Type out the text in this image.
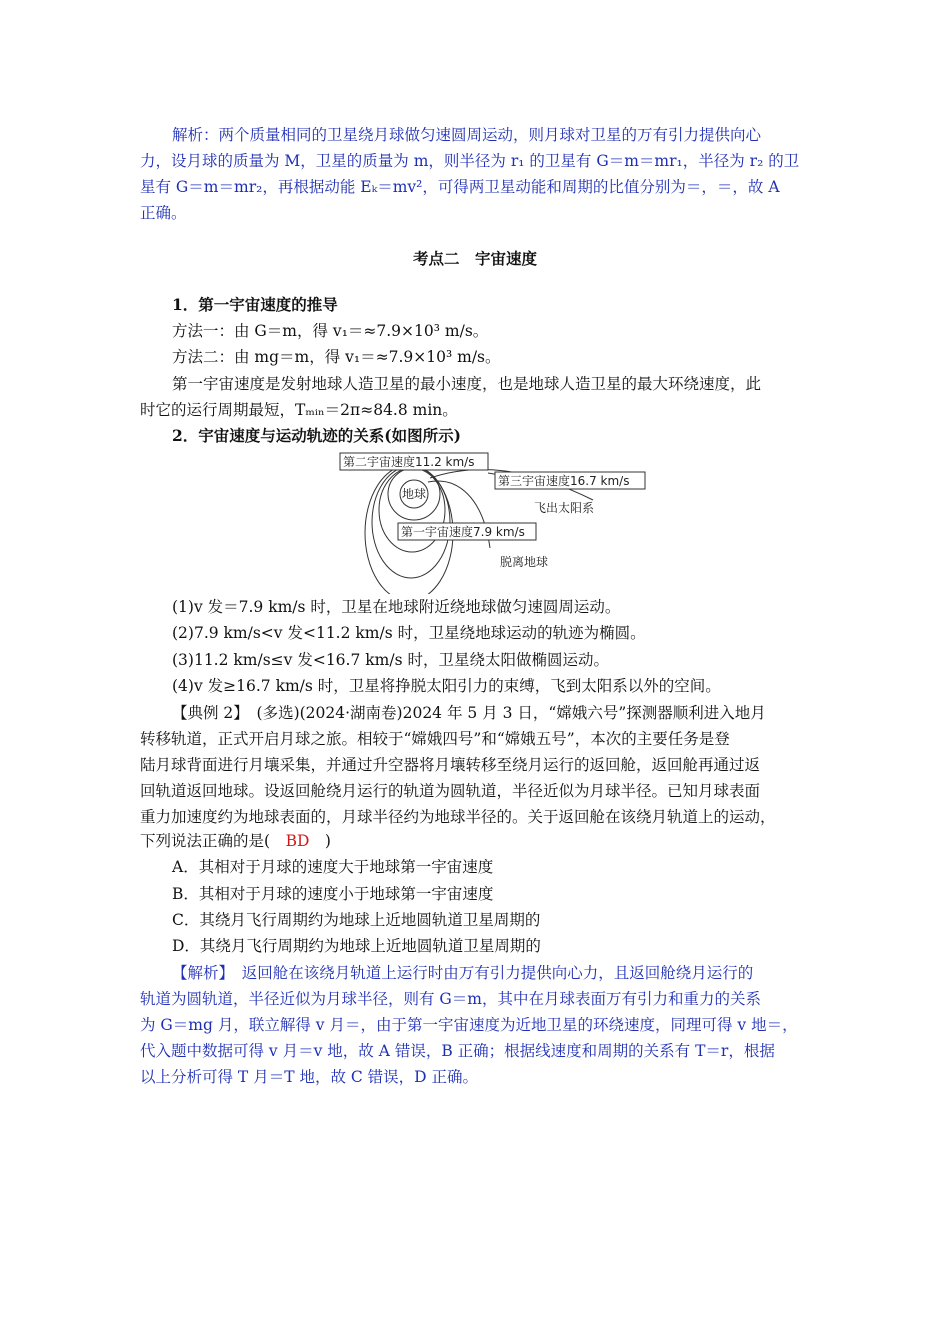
解析：两个质量相同的卫星绕月球做匀速圆周运动，则月球对卫星的万有引力提供向心
力，设月球的质量为 M，卫星的质量为 m，则半径为 r₁ 的卫星有 G＝m＝mr₁，半径为 r₂ 的卫
星有 G＝m＝mr₂，再根据动能 Eₖ＝mv²，可得两卫星动能和周期的比值分别为＝，＝，故 A
正确。
考点二　宇宙速度
1．第一宇宙速度的推导
方法一：由 G＝m，得 v₁＝≈7.9×10³ m/s。
方法二：由 mg＝m，得 v₁＝≈7.9×10³ m/s。
第一宇宙速度是发射地球人造卫星的最小速度，也是地球人造卫星的最大环绕速度，此
时它的运行周期最短，Tₘᵢₙ＝2π≈84.8 min。
2．宇宙速度与运动轨迹的关系(如图所示)
第二宇宙速度11.2 km/s
第三宇宙速度16.7 km/s
第一宇宙速度7.9 km/s
地球
飞出太阳系
脱离地球
(1)v 发＝7.9 km/s 时，卫星在地球附近绕地球做匀速圆周运动。
(2)7.9 km/s<v 发<11.2 km/s 时，卫星绕地球运动的轨迹为椭圆。
(3)11.2 km/s≤v 发<16.7 km/s 时，卫星绕太阳做椭圆运动。
(4)v 发≥16.7 km/s 时，卫星将挣脱太阳引力的束缚，飞到太阳系以外的空间。
【典例 2】　(多选)(2024·湖南卷)2024 年 5 月 3 日，“嫦娥六号”探测器顺利进入地月
转移轨道，正式开启月球之旅。相较于“嫦娥四号”和“嫦娥五号”，本次的主要任务是登
陆月球背面进行月壤采集，并通过升空器将月壤转移至绕月运行的返回舱，返回舱再通过返
回轨道返回地球。设返回舱绕月运行的轨道为圆轨道，半径近似为月球半径。已知月球表面
重力加速度约为地球表面的，月球半径约为地球半径的。关于返回舱在该绕月轨道上的运动，
下列说法正确的是(　BD　)
A．其相对于月球的速度大于地球第一宇宙速度
B．其相对于月球的速度小于地球第一宇宙速度
C．其绕月飞行周期约为地球上近地圆轨道卫星周期的
D．其绕月飞行周期约为地球上近地圆轨道卫星周期的
【解析】　返回舱在该绕月轨道上运行时由万有引力提供向心力，且返回舱绕月运行的
轨道为圆轨道，半径近似为月球半径，则有 G＝m，其中在月球表面万有引力和重力的关系
为 G＝mg 月，联立解得 v 月＝，由于第一宇宙速度为近地卫星的环绕速度，同理可得 v 地＝，
代入题中数据可得 v 月＝v 地，故 A 错误，B 正确；根据线速度和周期的关系有 T＝r，根据
以上分析可得 T 月＝T 地，故 C 错误，D 正确。
